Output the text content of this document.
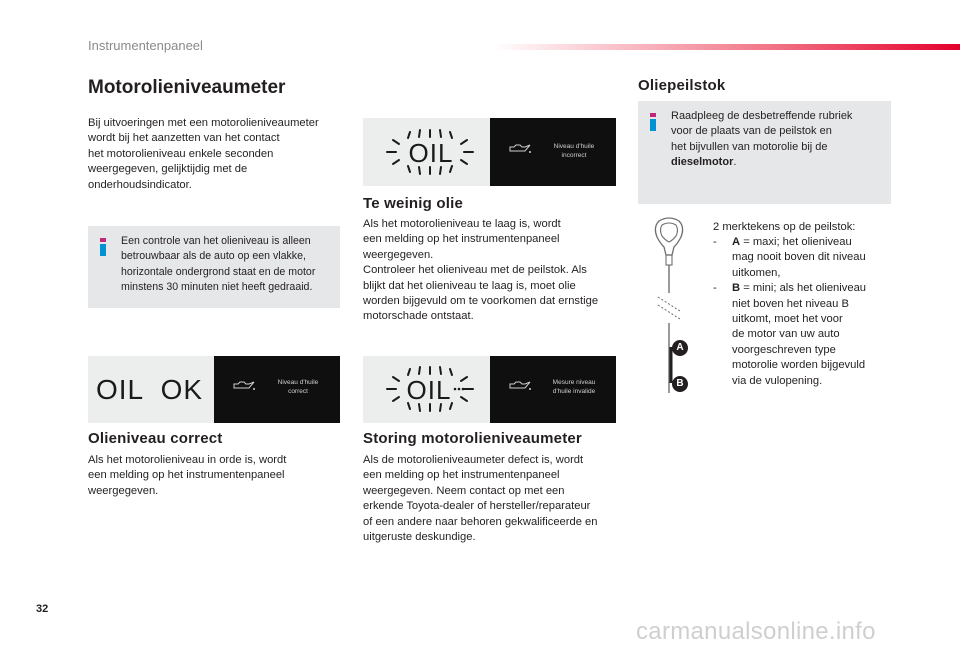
Instrumentenpaneel
Motorolieniveaumeter
Bij uitvoeringen met een motorolieniveaumeter
wordt bij het aanzetten van het contact
het motorolieniveau enkele seconden
weergegeven, gelijktijdig met de
onderhoudsindicator.
Een controle van het olieniveau is alleen
betrouwbaar als de auto op een vlakke,
horizontale ondergrond staat en de motor
minstens 30 minuten niet heeft gedraaid.
OIL  OK	Niveau d'huile
correct
Olieniveau correct
Als het motorolieniveau in orde is, wordt
een melding op het instrumentenpaneel
weergegeven.
OIL	Niveau d'huile
incorrect
Te weinig olie
Als het motorolieniveau te laag is, wordt
een melding op het instrumentenpaneel
weergegeven.
Controleer het olieniveau met de peilstok. Als
blijkt dat het olieniveau te laag is, moet olie
worden bijgevuld om te voorkomen dat ernstige
motorschade ontstaat.
OIL	Mesure niveau
d'huile invalide
Storing motorolieniveaumeter
Als de motorolieniveaumeter defect is, wordt
een melding op het instrumentenpaneel
weergegeven. Neem contact op met een
erkende Toyota-dealer of hersteller/reparateur
of een andere naar behoren gekwalificeerde en
uitgeruste deskundige.
Oliepeilstok
Raadpleeg de desbetreffende rubriek
voor de plaats van de peilstok en
het bijvullen van motorolie bij de
dieselmotor.
A
B
2 merktekens op de peilstok:
- A = maxi; het olieniveau
mag nooit boven dit niveau
uitkomen,
- B = mini; als het olieniveau
niet boven het niveau B
uitkomt, moet het voor
de motor van uw auto
voorgeschreven type
motorolie worden bijgevuld
via de vulopening.
32
carmanualsonline.info
